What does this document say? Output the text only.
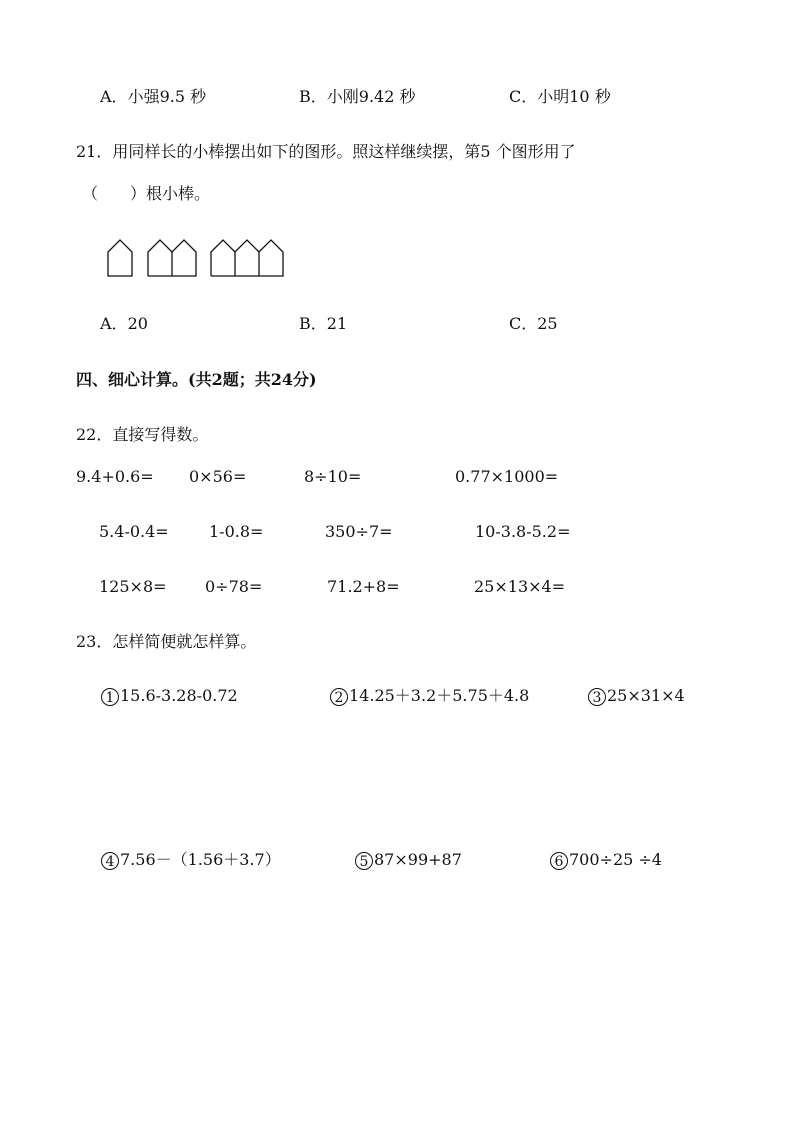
A．小强9.5 秒	B．小刚9.42 秒	C．小明10 秒
21．用同样长的小棒摆出如下的图形。照这样继续摆，第5 个图形用了
（　　）根小棒。
A．20	B．21	C．25
四、细心计算。(共2题；共24分)
22．直接写得数。
9.4+0.6= 0×56=	8÷10=	0.77×1000=
5.4-0.4=	1-0.8=	350÷7=	10-3.8-5.2=
125×8= 0÷78=	71.2+8=	25×13×4=
23．怎样简便就怎样算。
1 15.6-3.28-0.72	2 14.25＋3.2＋5.75＋4.8	3 25×31×4
4 7.56－（1.56＋3.7）	5 87×99+87	6 700÷25 ÷4
